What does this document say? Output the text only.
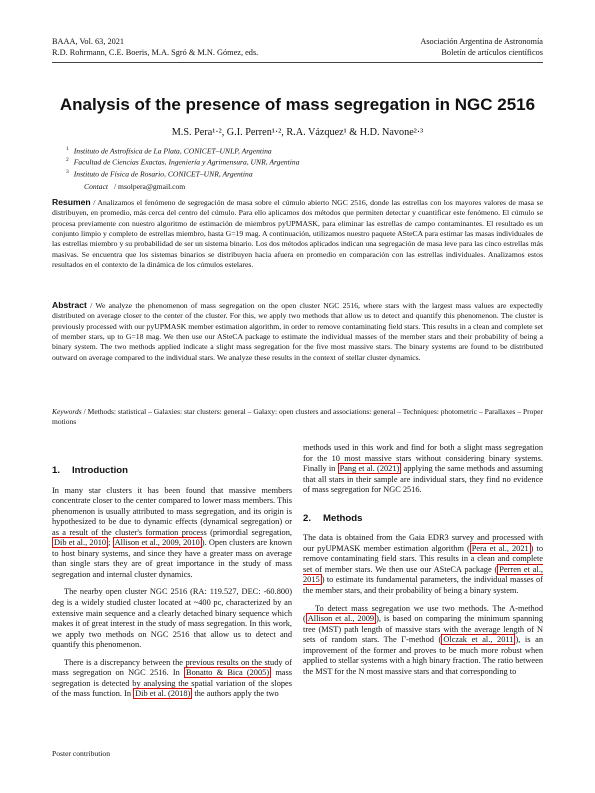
BAAA, Vol. 63, 2021
R.D. Rohrmann, C.E. Boeris, M.A. Sgró & M.N. Gómez, eds.
Asociación Argentina de Astronomía
Boletín de artículos científicos
Analysis of the presence of mass segregation in NGC 2516
M.S. Pera¹·², G.I. Perren¹·², R.A. Vázquez¹ & H.D. Navone²·³
$^1$ Instituto de Astrofísica de La Plata, CONICET–UNLP, Argentina
$^2$ Facultad de Ciencias Exactas, Ingeniería y Agrimensura, UNR, Argentina
$^3$ Instituto de Física de Rosario, CONICET–UNR, Argentina
Contact / msolpera@gmail.com
Resumen / Analizamos el fenómeno de segregación de masa sobre el cúmulo abierto NGC 2516, donde las estrellas con los mayores valores de masa se distribuyen, en promedio, más cerca del centro del cúmulo. Para ello aplicamos dos métodos que permiten detectar y cuantificar este fenómeno. El cúmulo se procesa previamente con nuestro algoritmo de estimación de miembros pyUPMASK, para eliminar las estrellas de campo contaminantes. El resultado es un conjunto limpio y completo de estrellas miembro, hasta G=19 mag. A continuación, utilizamos nuestro paquete ASteCA para estimar las masas individuales de las estrellas miembro y su probabilidad de ser un sistema binario. Los dos métodos aplicados indican una segregación de masa leve para las cinco estrellas más masivas. Se encuentra que los sistemas binarios se distribuyen hacia afuera en promedio en comparación con las estrellas individuales. Analizamos estos resultados en el contexto de la dinámica de los cúmulos estelares.
Abstract / We analyze the phenomenon of mass segregation on the open cluster NGC 2516, where stars with the largest mass values are expectedly distributed on average closer to the center of the cluster. For this, we apply two methods that allow us to detect and quantify this phenomenon. The cluster is previously processed with our pyUPMASK member estimation algorithm, in order to remove contaminating field stars. This results in a clean and complete set of member stars, up to G=18 mag. We then use our ASteCA package to estimate the individual masses of the member stars and their probability of being a binary system. The two methods applied indicate a slight mass segregation for the five most massive stars. The binary systems are found to be distributed outward on average compared to the individual stars. We analyze these results in the context of stellar cluster dynamics.
Keywords / Methods: statistical – Galaxies: star clusters: general – Galaxy: open clusters and associations: general – Techniques: photometric – Parallaxes – Proper motions
1. Introduction

In many star clusters it has been found that massive members concentrate closer to the center compared to lower mass members. This phenomenon is usually attributed to mass segregation, and its origin is hypothesized to be due to dynamic effects (dynamical segregation) or as a result of the cluster's formation process (primordial segregation, Dib et al., 2010 ; Allison et al., 2009, 2010 ). Open clusters are known to host binary systems, and since they have a greater mass on average than single stars they are of great importance in the study of mass segregation and internal cluster dynamics.

The nearby open cluster NGC 2516 (RA: 119.527, DEC: -60.800) deg is a widely studied cluster located at ~400 pc, characterized by an extensive main sequence and a clearly detached binary sequence which makes it of great interest in the study of mass segregation. In this work, we apply two methods on NGC 2516 that allow us to detect and quantify this phenomenon.

There is a discrepancy between the previous results on the study of mass segregation on NGC 2516. In Bonatto & Bica (2005) mass segregation is detected by analysing the spatial variation of the slopes of the mass function. In Dib et al. (2018) the authors apply the two

methods used in this work and find for both a slight mass segregation for the 10 most massive stars without considering binary systems. Finally in Pang et al. (2021) applying the same methods and assuming that all stars in their sample are individual stars, they find no evidence of mass segregation for NGC 2516.

2. Methods

The data is obtained from the Gaia EDR3 survey and processed with our pyUPMASK member estimation algorithm ( Pera et al., 2021 ) to remove contaminating field stars. This results in a clean and complete set of member stars. We then use our ASteCA package ( Perren et al., 2015 ) to estimate its fundamental parameters, the individual masses of the member stars, and their probability of being a binary system.

To detect mass segregation we use two methods. The Λ-method ( Allison et al., 2009 ), is based on comparing the minimum spanning tree (MST) path length of massive stars with the average length of N sets of random stars. The Γ-method ( Olczak et al., 2011 ), is an improvement of the former and proves to be much more robust when applied to stellar systems with a high binary fraction. The ratio between the MST for the N most massive stars and that corresponding to

Poster contribution
